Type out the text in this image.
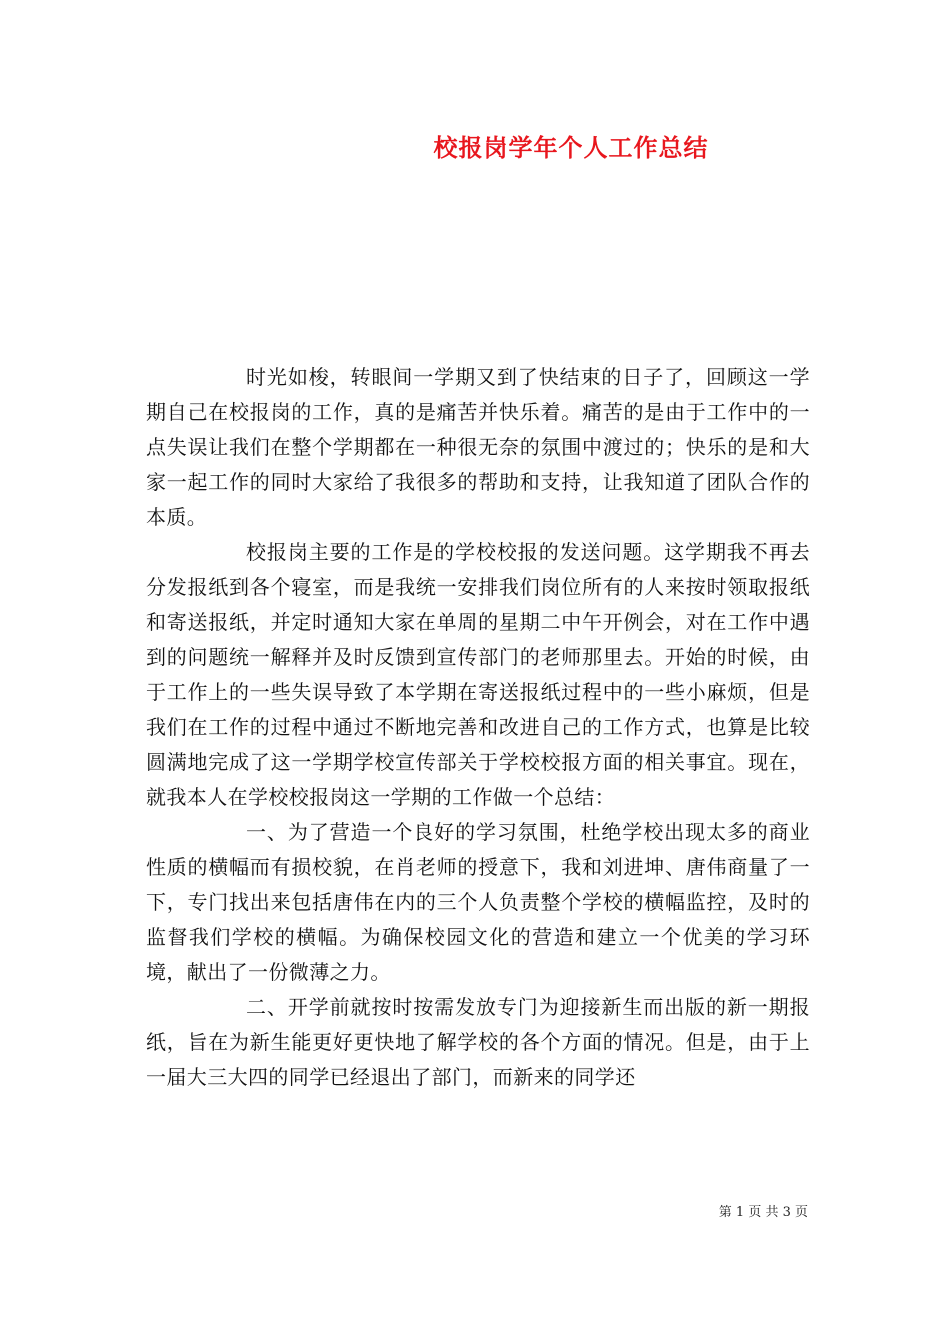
校报岗学年个人工作总结

时光如梭，转眼间一学期又到了快结束的日子了，回顾这一学期自己在校报岗的工作，真的是痛苦并快乐着。痛苦的是由于工作中的一点失误让我们在整个学期都在一种很无奈的氛围中渡过的；快乐的是和大家一起工作的同时大家给了我很多的帮助和支持，让我知道了团队合作的本质。

校报岗主要的工作是的学校校报的发送问题。这学期我不再去分发报纸到各个寝室，而是我统一安排我们岗位所有的人来按时领取报纸和寄送报纸，并定时通知大家在单周的星期二中午开例会，对在工作中遇到的问题统一解释并及时反馈到宣传部门的老师那里去。开始的时候，由于工作上的一些失误导致了本学期在寄送报纸过程中的一些小麻烦，但是我们在工作的过程中通过不断地完善和改进自己的工作方式，也算是比较圆满地完成了这一学期学校宣传部关于学校校报方面的相关事宜。现在，就我本人在学校校报岗这一学期的工作做一个总结：

一、为了营造一个良好的学习氛围，杜绝学校出现太多的商业性质的横幅而有损校貌，在肖老师的授意下，我和刘进坤、唐伟商量了一下，专门找出来包括唐伟在内的三个人负责整个学校的横幅监控，及时的监督我们学校的横幅。为确保校园文化的营造和建立一个优美的学习环境，献出了一份微薄之力。

二、开学前就按时按需发放专门为迎接新生而出版的新一期报纸，旨在为新生能更好更快地了解学校的各个方面的情况。但是，由于上一届大三大四的同学已经退出了部门，而新来的同学还

第 1 页 共 3 页
